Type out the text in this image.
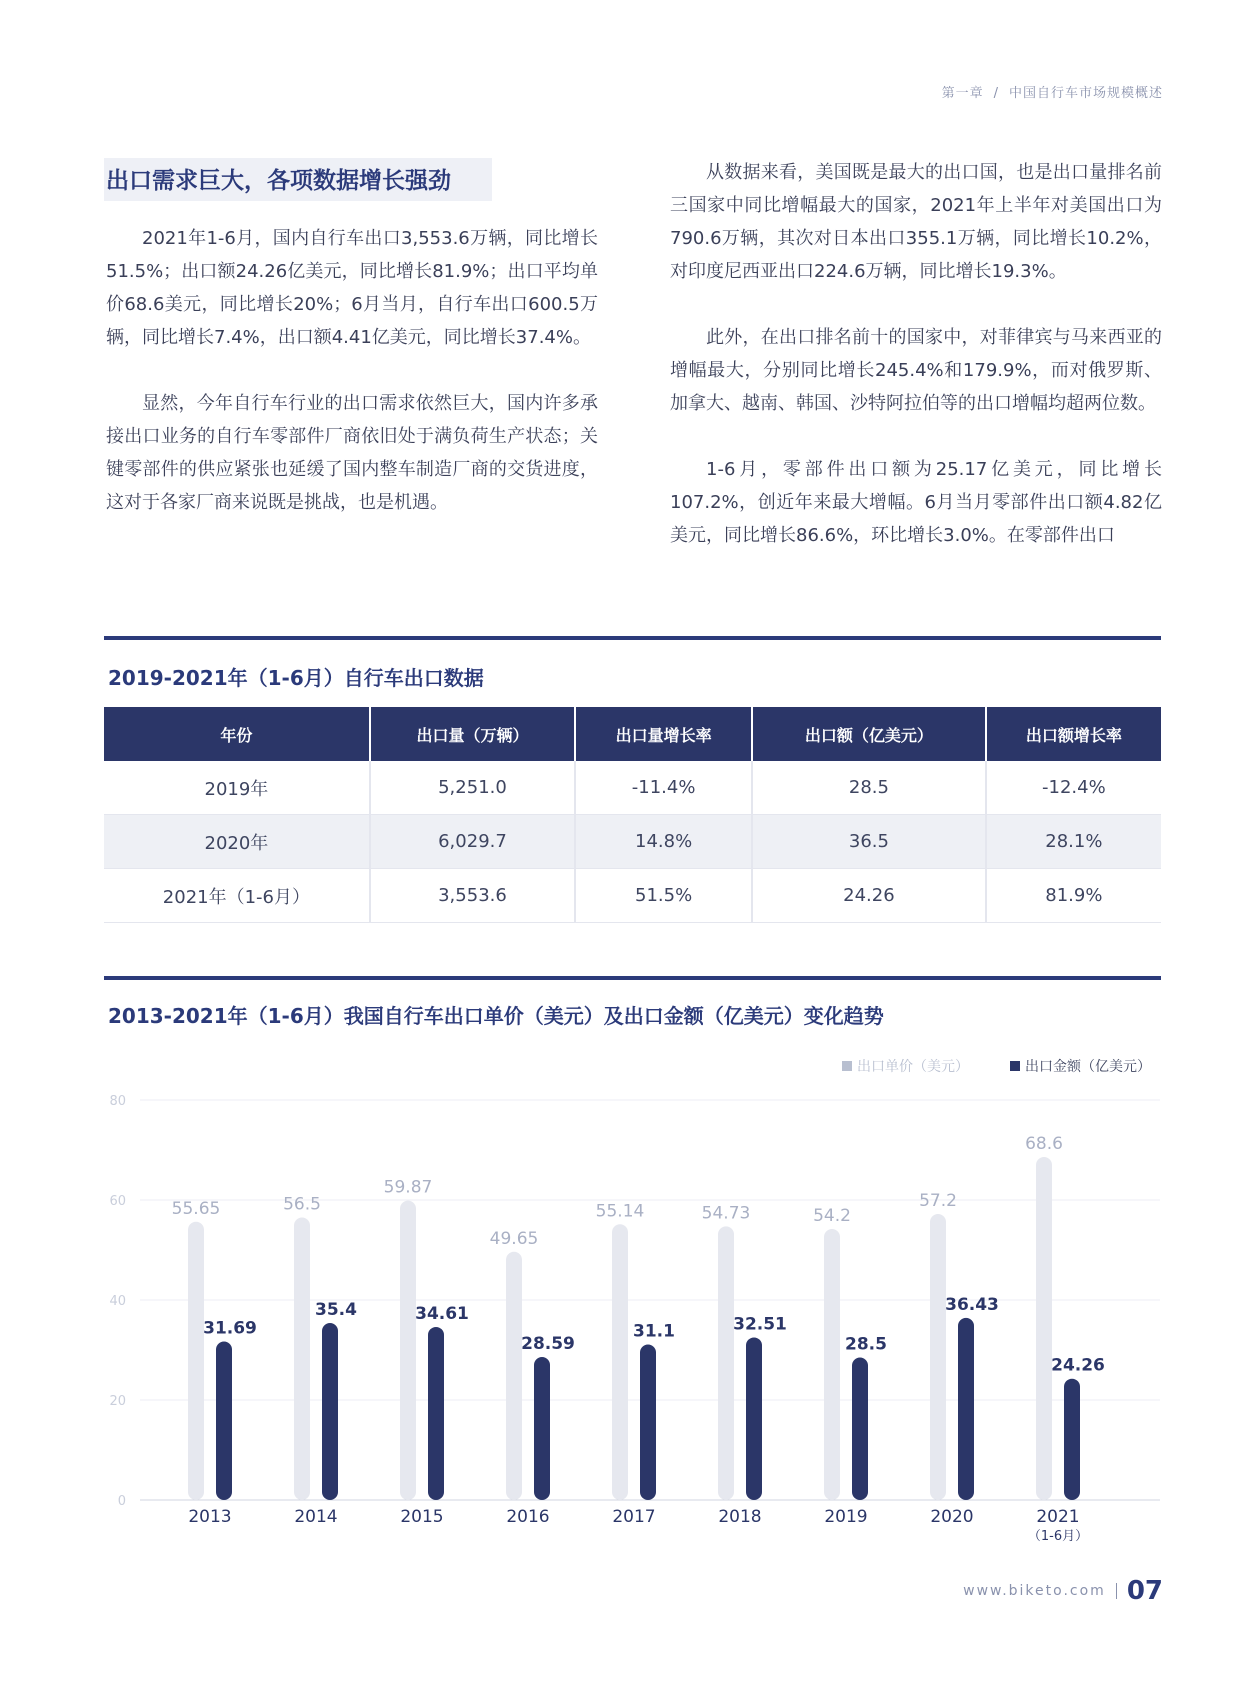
第一章 / 中国自行车市场规模概述
出口需求巨大，各项数据增长强劲

2021年1-6月，国内自行车出口3,553.6万辆，同比增长51.5%；出口额24.26亿美元，同比增长81.9%；出口平均单价68.6美元，同比增长20%；6月当月，自行车出口600.5万辆，同比增长7.4%，出口额4.41亿美元，同比增长37.4%。

显然，今年自行车行业的出口需求依然巨大，国内许多承接出口业务的自行车零部件厂商依旧处于满负荷生产状态；关键零部件的供应紧张也延缓了国内整车制造厂商的交货进度，这对于各家厂商来说既是挑战，也是机遇。

从数据来看，美国既是最大的出口国，也是出口量排名前三国家中同比增幅最大的国家，2021年上半年对美国出口为790.6万辆，其次对日本出口355.1万辆，同比增长10.2%，对印度尼西亚出口224.6万辆，同比增长19.3%。

此外，在出口排名前十的国家中，对菲律宾与马来西亚的增幅最大，分别同比增长245.4%和179.9%，而对俄罗斯、加拿大、越南、韩国、沙特阿拉伯等的出口增幅均超两位数。

1-6月，零部件出口额为25.17亿美元，同比增长107.2%，创近年来最大增幅。6月当月零部件出口额4.82亿美元，同比增长86.6%，环比增长3.0%。在零部件出口

2019-2021年（1-6月）自行车出口数据
年份	出口量（万辆）	出口量增长率	出口额（亿美元）	出口额增长率
2019年	5,251.0	-11.4%	28.5	-12.4%
2020年	6,029.7	14.8%	36.5	28.1%
2021年（1-6月）	3,553.6	51.5%	24.26	81.9%
2013-2021年（1-6月）我国自行车出口单价（美元）及出口金额（亿美元）变化趋势
0
20
40
60
80
出口单价（美元）	出口金额（亿美元）
55.65
31.69
2013
56.5
35.4
2014
59.87
34.61
2015
49.65
28.59
2016
55.14
31.1
2017
54.73
32.51
2018
54.2
28.5
2019
57.2
36.43
2020
68.6
24.26
2021
（1-6月）
www.biketo.com 07
